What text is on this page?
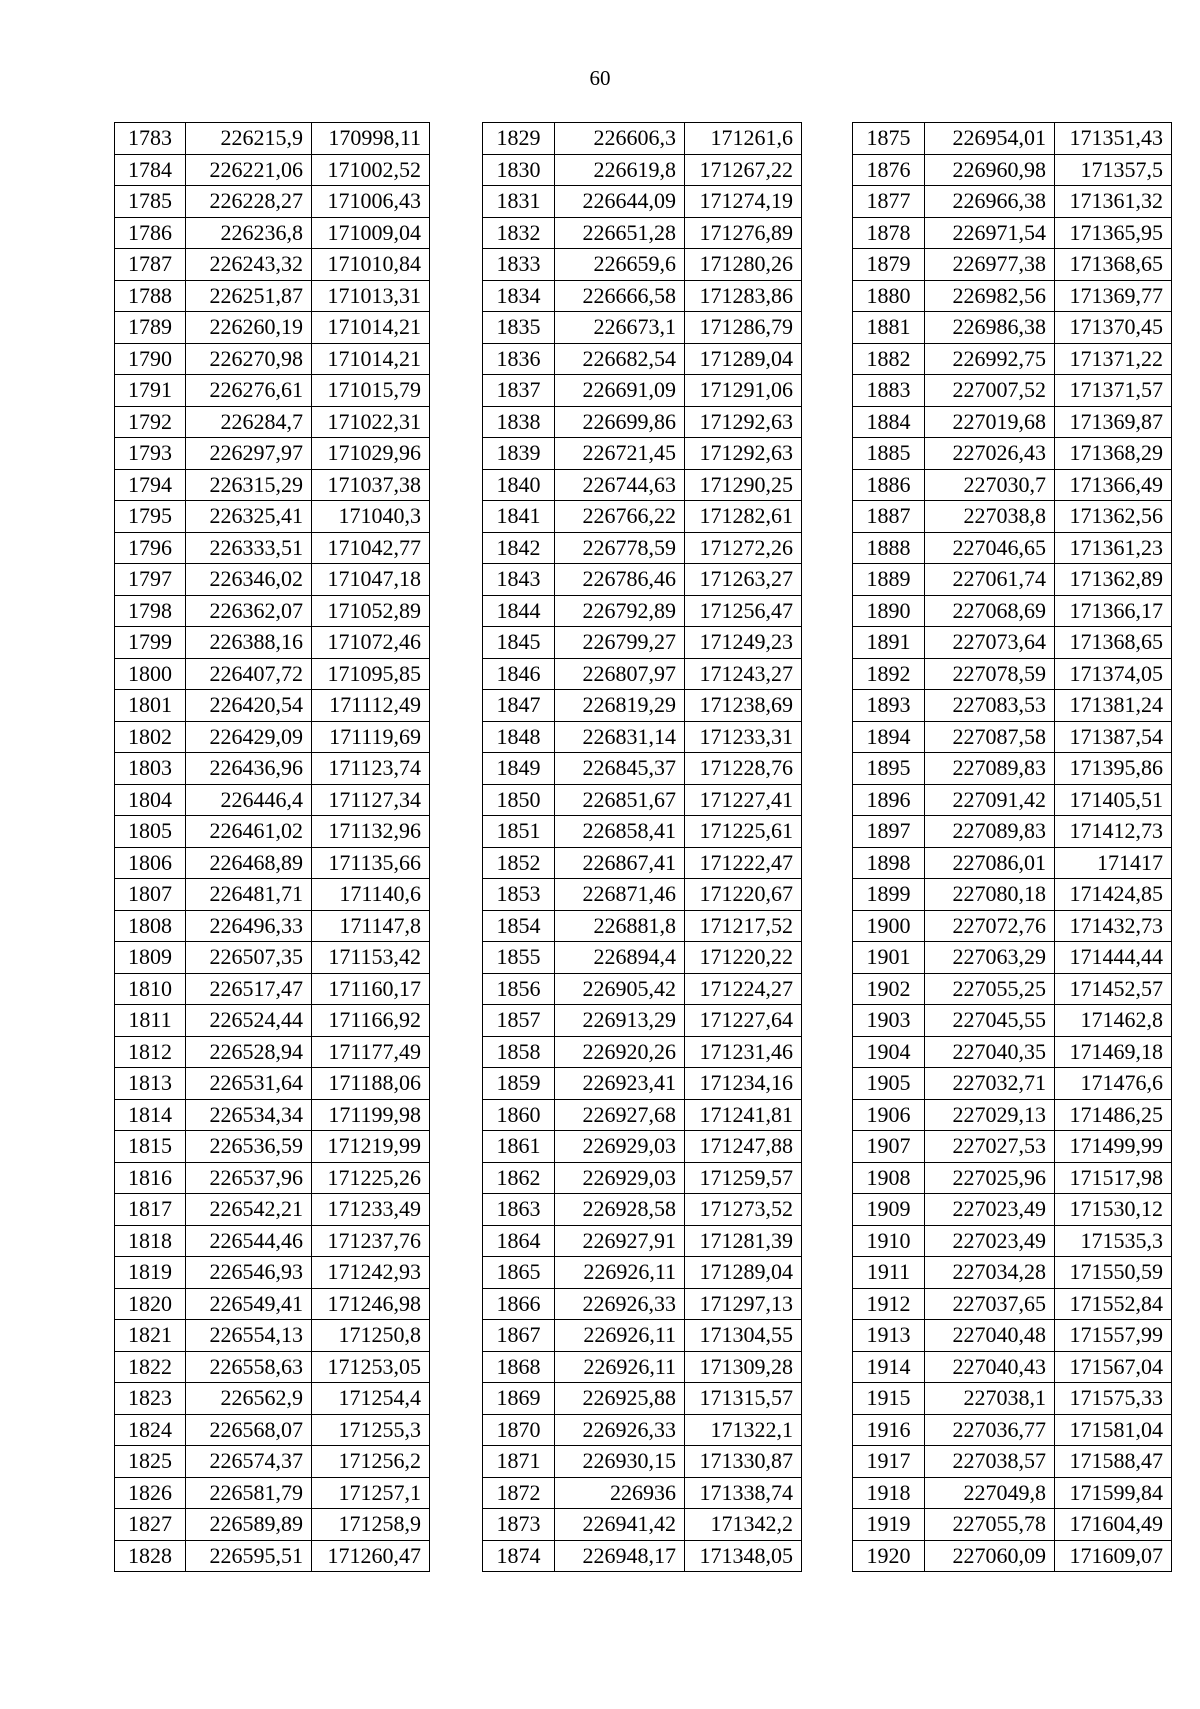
60
1783	226215,9	170998,11
1784	226221,06	171002,52
1785	226228,27	171006,43
1786	226236,8	171009,04
1787	226243,32	171010,84
1788	226251,87	171013,31
1789	226260,19	171014,21
1790	226270,98	171014,21
1791	226276,61	171015,79
1792	226284,7	171022,31
1793	226297,97	171029,96
1794	226315,29	171037,38
1795	226325,41	171040,3
1796	226333,51	171042,77
1797	226346,02	171047,18
1798	226362,07	171052,89
1799	226388,16	171072,46
1800	226407,72	171095,85
1801	226420,54	171112,49
1802	226429,09	171119,69
1803	226436,96	171123,74
1804	226446,4	171127,34
1805	226461,02	171132,96
1806	226468,89	171135,66
1807	226481,71	171140,6
1808	226496,33	171147,8
1809	226507,35	171153,42
1810	226517,47	171160,17
1811	226524,44	171166,92
1812	226528,94	171177,49
1813	226531,64	171188,06
1814	226534,34	171199,98
1815	226536,59	171219,99
1816	226537,96	171225,26
1817	226542,21	171233,49
1818	226544,46	171237,76
1819	226546,93	171242,93
1820	226549,41	171246,98
1821	226554,13	171250,8
1822	226558,63	171253,05
1823	226562,9	171254,4
1824	226568,07	171255,3
1825	226574,37	171256,2
1826	226581,79	171257,1
1827	226589,89	171258,9
1828	226595,51	171260,47
1829	226606,3	171261,6
1830	226619,8	171267,22
1831	226644,09	171274,19
1832	226651,28	171276,89
1833	226659,6	171280,26
1834	226666,58	171283,86
1835	226673,1	171286,79
1836	226682,54	171289,04
1837	226691,09	171291,06
1838	226699,86	171292,63
1839	226721,45	171292,63
1840	226744,63	171290,25
1841	226766,22	171282,61
1842	226778,59	171272,26
1843	226786,46	171263,27
1844	226792,89	171256,47
1845	226799,27	171249,23
1846	226807,97	171243,27
1847	226819,29	171238,69
1848	226831,14	171233,31
1849	226845,37	171228,76
1850	226851,67	171227,41
1851	226858,41	171225,61
1852	226867,41	171222,47
1853	226871,46	171220,67
1854	226881,8	171217,52
1855	226894,4	171220,22
1856	226905,42	171224,27
1857	226913,29	171227,64
1858	226920,26	171231,46
1859	226923,41	171234,16
1860	226927,68	171241,81
1861	226929,03	171247,88
1862	226929,03	171259,57
1863	226928,58	171273,52
1864	226927,91	171281,39
1865	226926,11	171289,04
1866	226926,33	171297,13
1867	226926,11	171304,55
1868	226926,11	171309,28
1869	226925,88	171315,57
1870	226926,33	171322,1
1871	226930,15	171330,87
1872	226936	171338,74
1873	226941,42	171342,2
1874	226948,17	171348,05
1875	226954,01	171351,43
1876	226960,98	171357,5
1877	226966,38	171361,32
1878	226971,54	171365,95
1879	226977,38	171368,65
1880	226982,56	171369,77
1881	226986,38	171370,45
1882	226992,75	171371,22
1883	227007,52	171371,57
1884	227019,68	171369,87
1885	227026,43	171368,29
1886	227030,7	171366,49
1887	227038,8	171362,56
1888	227046,65	171361,23
1889	227061,74	171362,89
1890	227068,69	171366,17
1891	227073,64	171368,65
1892	227078,59	171374,05
1893	227083,53	171381,24
1894	227087,58	171387,54
1895	227089,83	171395,86
1896	227091,42	171405,51
1897	227089,83	171412,73
1898	227086,01	171417
1899	227080,18	171424,85
1900	227072,76	171432,73
1901	227063,29	171444,44
1902	227055,25	171452,57
1903	227045,55	171462,8
1904	227040,35	171469,18
1905	227032,71	171476,6
1906	227029,13	171486,25
1907	227027,53	171499,99
1908	227025,96	171517,98
1909	227023,49	171530,12
1910	227023,49	171535,3
1911	227034,28	171550,59
1912	227037,65	171552,84
1913	227040,48	171557,99
1914	227040,43	171567,04
1915	227038,1	171575,33
1916	227036,77	171581,04
1917	227038,57	171588,47
1918	227049,8	171599,84
1919	227055,78	171604,49
1920	227060,09	171609,07
